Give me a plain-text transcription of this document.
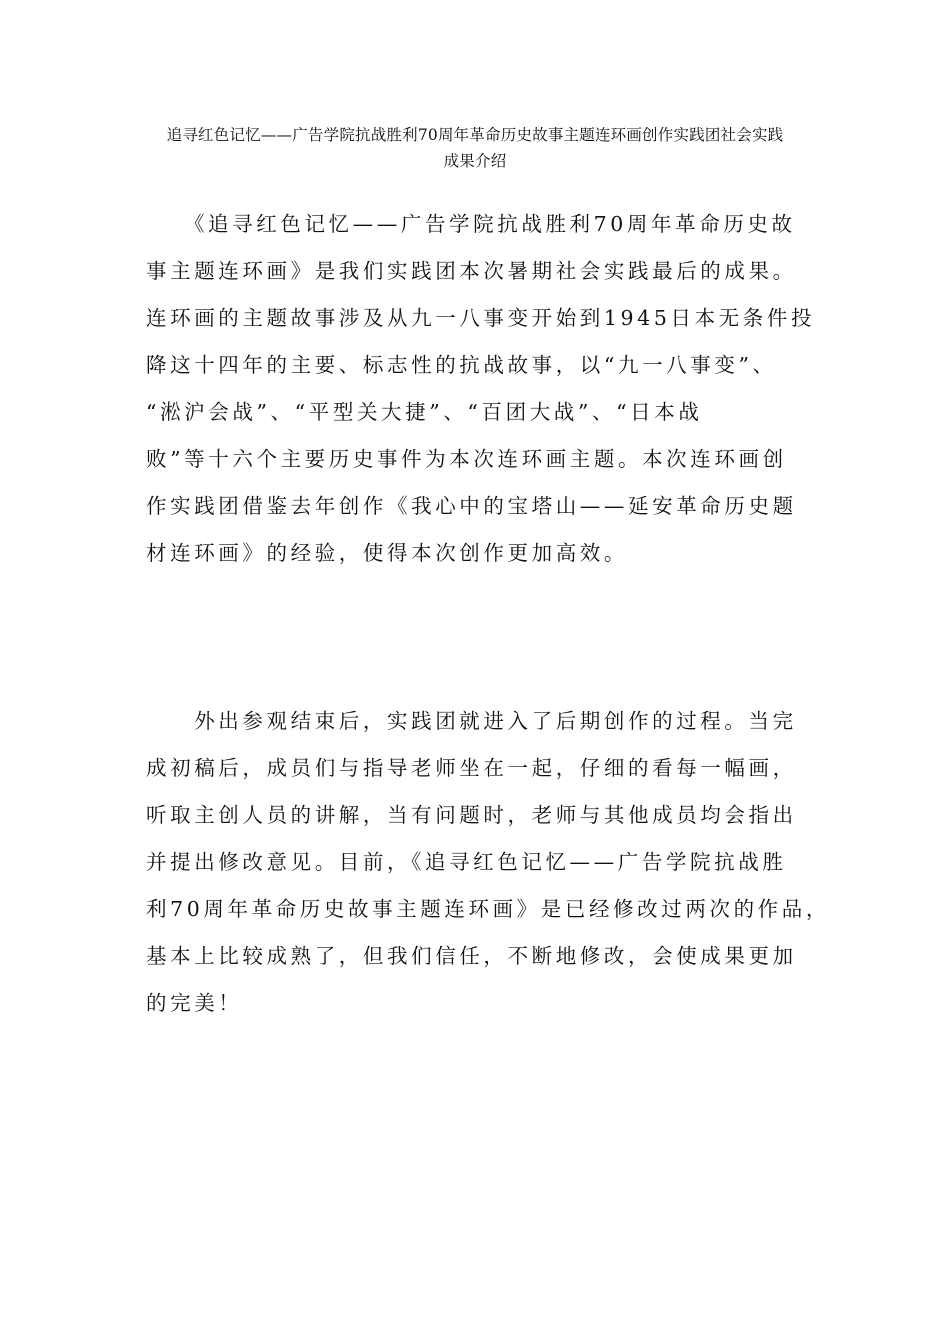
追寻红色记忆——广告学院抗战胜利70周年革命历史故事主题连环画创作实践团社会实践
成果介绍
　　《追寻红色记忆——广告学院抗战胜利70周年革命历史故
事主题连环画》是我们实践团本次暑期社会实践最后的成果。
连环画的主题故事涉及从九一八事变开始到1945日本无条件投
降这十四年的主要、标志性的抗战故事，以“九一八事变”、
“淞沪会战”、“平型关大捷”、“百团大战”、“日本战
败”等十六个主要历史事件为本次连环画主题。本次连环画创
作实践团借鉴去年创作《我心中的宝塔山——延安革命历史题
材连环画》的经验，使得本次创作更加高效。
　　外出参观结束后，实践团就进入了后期创作的过程。当完
成初稿后，成员们与指导老师坐在一起，仔细的看每一幅画，
听取主创人员的讲解，当有问题时，老师与其他成员均会指出
并提出修改意见。目前，《追寻红色记忆——广告学院抗战胜
利70周年革命历史故事主题连环画》是已经修改过两次的作品，
基本上比较成熟了，但我们信任，不断地修改，会使成果更加
的完美！
